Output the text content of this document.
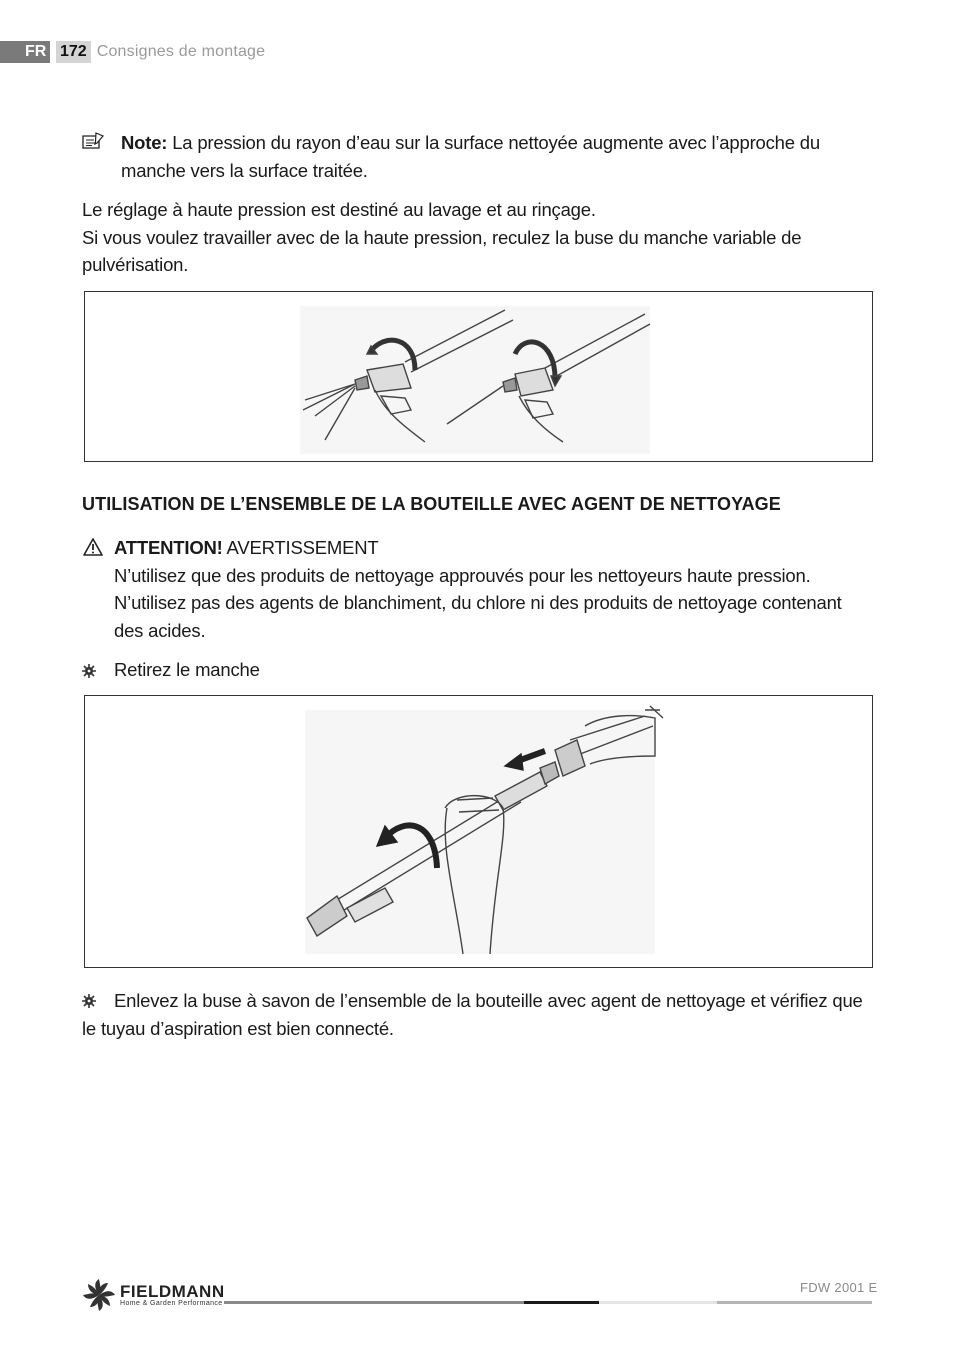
FR 172 Consignes de montage
Note: La pression du rayon d’eau sur la surface nettoyée augmente avec l’approche du manche vers la surface traitée.
Le réglage à haute pression est destiné au lavage et au rinçage.
Si vous voulez travailler avec de la haute pression, reculez la buse du manche variable de pulvérisation.
UTILISATION DE L’ENSEMBLE DE LA BOUTEILLE AVEC AGENT DE NETTOYAGE
ATTENTION! AVERTISSEMENT
N’utilisez que des produits de nettoyage approuvés pour les nettoyeurs haute pression.
N’utilisez pas des agents de blanchiment, du chlore ni des produits de nettoyage contenant des acides.
Retirez le manche
Enlevez la buse à savon de l’ensemble de la bouteille avec agent de nettoyage et vérifiez que le tuyau d’aspiration est bien connecté.
FIELDMANN
Home & Garden Performance
FDW 2001 E
